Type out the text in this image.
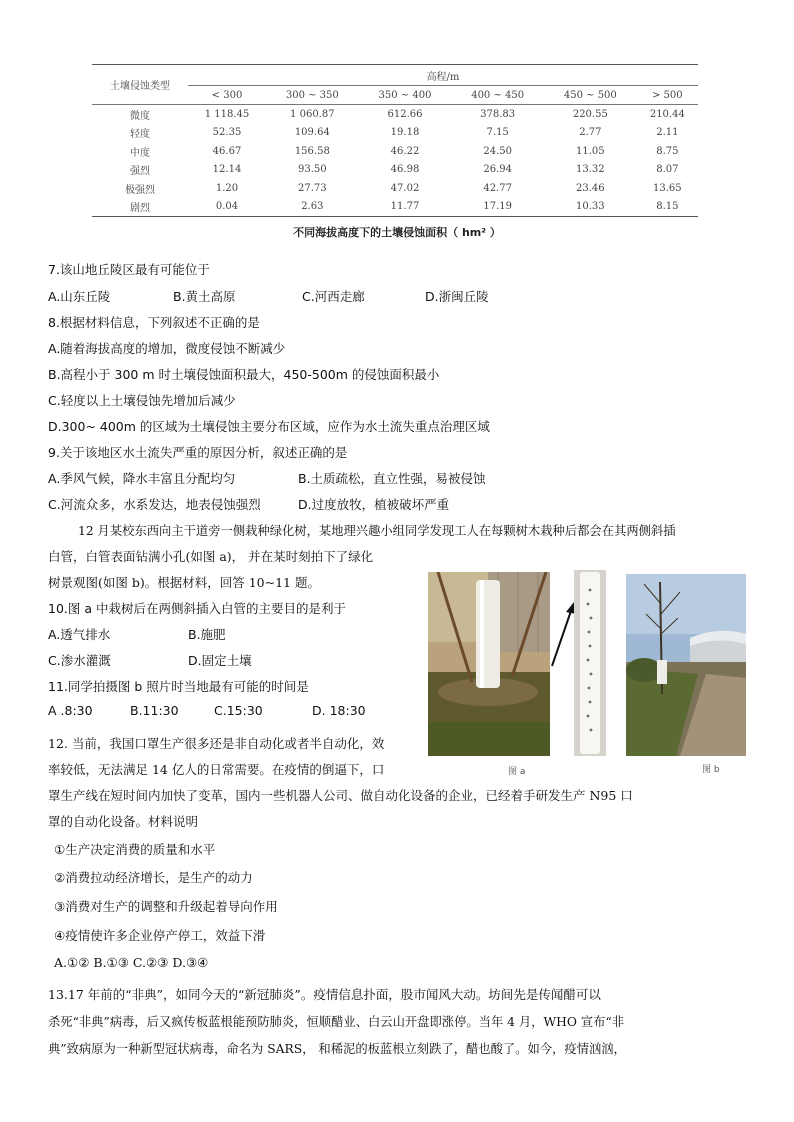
土壤侵蚀类型	高程/m					
	< 300	300 ~ 350	350 ~ 400	400 ~ 450	450 ~ 500	> 500
微度	1 118.45	1 060.87	612.66	378.83	220.55	210.44
轻度	52.35	109.64	19.18	7.15	2.77	2.11
中度	46.67	156.58	46.22	24.50	11.05	8.75
强烈	12.14	93.50	46.98	26.94	13.32	8.07
极强烈	1.20	27.73	47.02	42.77	23.46	13.65
剧烈	0.04	2.63	11.77	17.19	10.33	8.15
不同海拔高度下的土壤侵蚀面积（ hm² ）
7.该山地丘陵区最有可能位于
A.山东丘陵	B.黄土高原	C.河西走廊	D.浙闽丘陵
8.根据材料信息，下列叙述不正确的是
A.随着海拔高度的增加，微度侵蚀不断减少
B.高程小于 300 m 时土壤侵蚀面积最大，450-500m 的侵蚀面积最小
C.轻度以上土壤侵蚀先增加后减少
D.300~ 400m 的区域为土壤侵蚀主要分布区域，应作为水土流失重点治理区域
9.关于该地区水土流失严重的原因分析，叙述正确的是
A.季风气候，降水丰富且分配均匀	B.土质疏松，直立性强，易被侵蚀
C.河流众多，水系发达，地表侵蚀强烈	D.过度放牧，植被破坏严重
12 月某校东西向主干道旁一侧栽种绿化树，某地理兴趣小组同学发现工人在每颗树木栽种后都会在其两侧斜插
白管，白管表面钻满小孔(如图 a)， 并在某时刻拍下了绿化
树景观图(如图 b)。根据材料，回答 10~11 题。
10.图 a 中栽树后在两侧斜插入白管的主要目的是利于
A.透气排水	B.施肥
C.渗水灌溉	D.固定土壤
11.同学拍摄图 b 照片时当地最有可能的时间是
A .8:30	B.11:30	C.15:30	D. 18:30
图 a	图 b
12. 当前，我国口罩生产很多还是非自动化或者半自动化，效
率较低，无法满足 14 亿人的日常需要。在疫情的倒逼下，口
罩生产线在短时间内加快了变革，国内一些机器人公司、做自动化设备的企业，已经着手研发生产 N95 口
罩的自动化设备。材料说明
①生产决定消费的质量和水平
②消费拉动经济增长，是生产的动力
③消费对生产的调整和升级起着导向作用
④疫情使许多企业停产停工，效益下滑
A.①② B.①③ C.②③ D.③④
13.17 年前的“非典”，如同今天的“新冠肺炎”。疫情信息扑面，股市闻风大动。坊间先是传闻醋可以
杀死“非典”病毒，后又疯传板蓝根能预防肺炎，恒顺醋业、白云山开盘即涨停。当年 4 月，WHO 宣布“非
典”致病原为一种新型冠状病毒，命名为 SARS， 和稀泥的板蓝根立刻跌了，醋也酸了。如今，疫情汹汹，
